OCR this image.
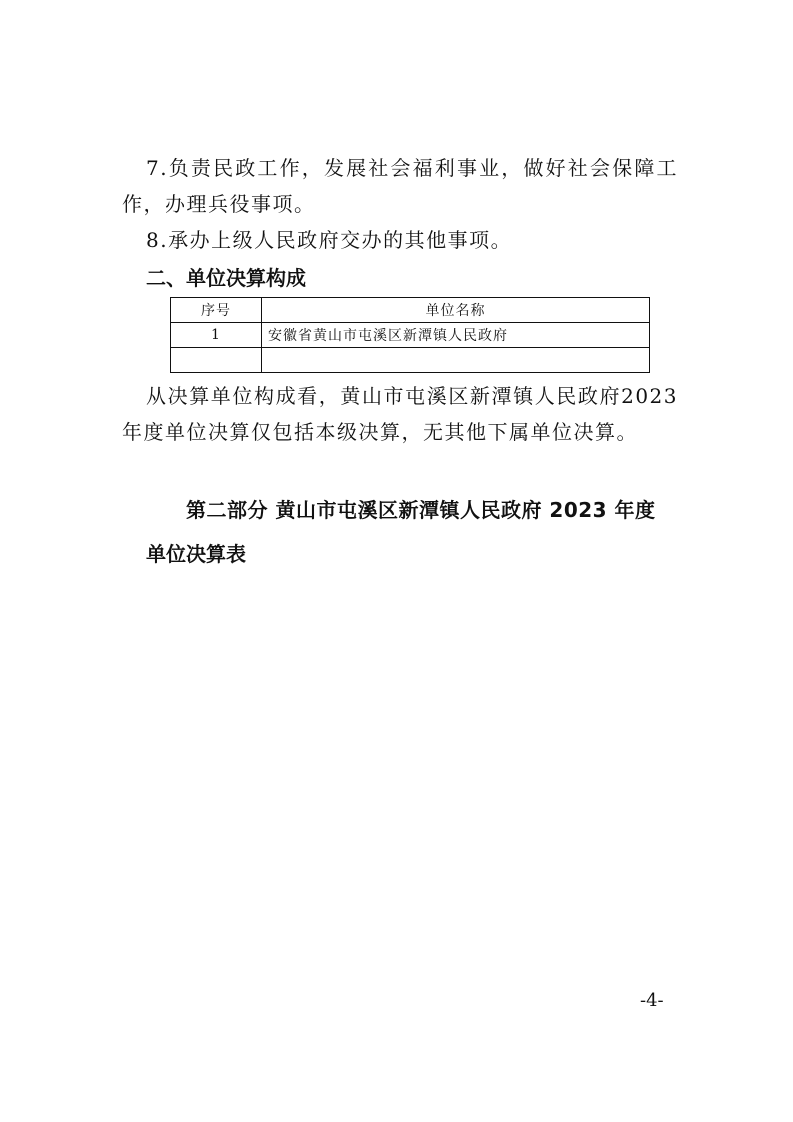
7.负责民政工作，发展社会福利事业，做好社会保障工作，办理兵役事项。

8.承办上级人民政府交办的其他事项。

二、单位决算构成
序号	单位名称
1	安徽省黄山市屯溪区新潭镇人民政府

从决算单位构成看，黄山市屯溪区新潭镇人民政府2023年度单位决算仅包括本级决算，无其他下属单位决算。

第二部分 黄山市屯溪区新潭镇人民政府 2023 年度
单位决算表
-4-
